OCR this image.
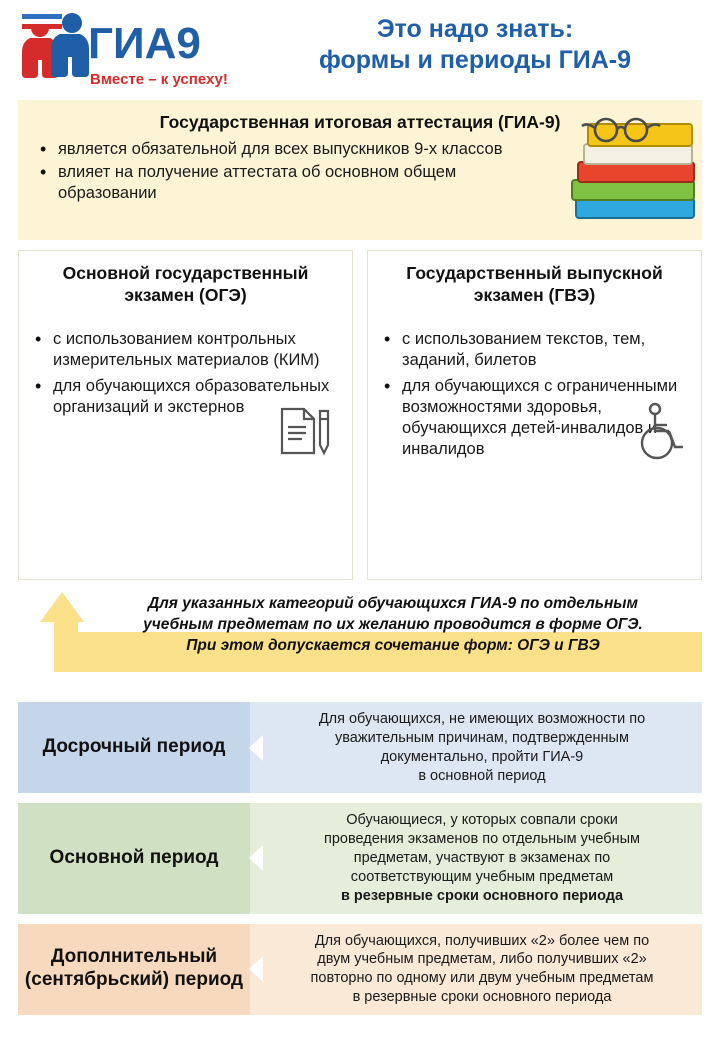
ГИА9
Вместе – к успеху!
Это надо знать:
формы и периоды ГИА-9
Государственная итоговая аттестация (ГИА-9)
• является обязательной для всех выпускников 9-х классов
• влияет на получение аттестата об основном общем образовании
Основной государственный экзамен (ОГЭ)
• с использованием контрольных измерительных материалов (КИМ)
• для обучающихся образовательных организаций и экстернов
Государственный выпускной экзамен (ГВЭ)
• с использованием текстов, тем, заданий, билетов
• для обучающихся с ограниченными возможностями здоровья, обучающихся детей-инвалидов и инвалидов
Для указанных категорий обучающихся ГИА-9 по отдельным
учебным предметам по их желанию проводится в форме ОГЭ.
При этом допускается сочетание форм: ОГЭ и ГВЭ
Досрочный период
Для обучающихся, не имеющих возможности по
уважительным причинам, подтвержденным
документально, пройти ГИА-9
в основной период
Основной период
Обучающиеся, у которых совпали сроки
проведения экзаменов по отдельным учебным
предметам, участвуют в экзаменах по
соответствующим учебным предметам
в резервные сроки основного периода
Дополнительный (сентябрьский) период
Для обучающихся, получивших «2» более чем по
двум учебным предметам, либо получивших «2»
повторно по одному или двум учебным предметам
в резервные сроки основного периода
